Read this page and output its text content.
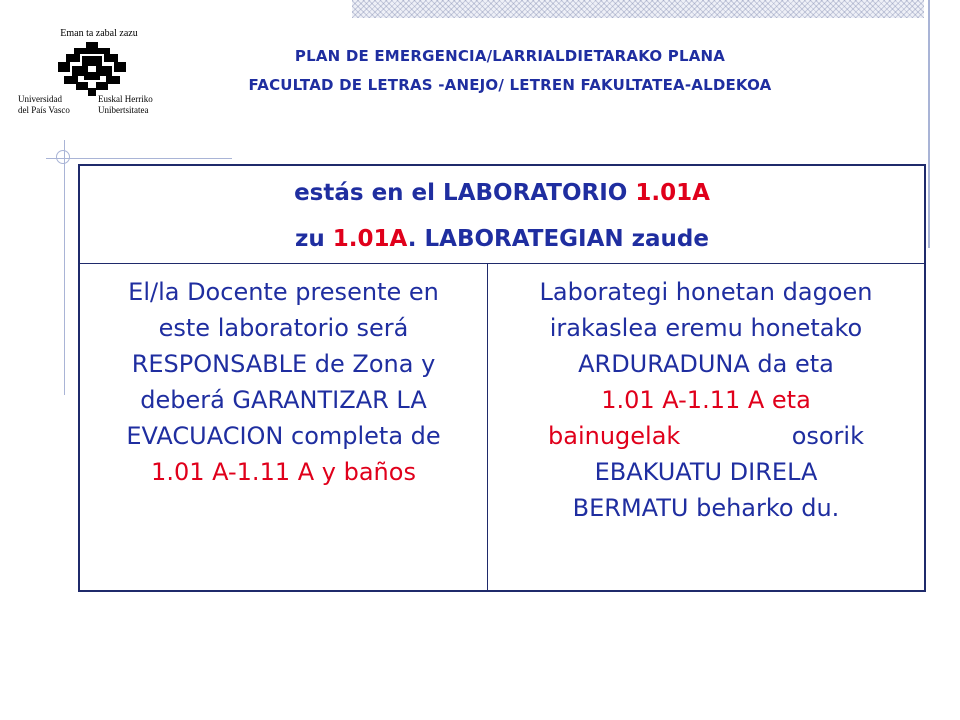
Eman ta zabal zazu
Universidad
del País Vasco
Euskal Herriko
Unibertsitatea
PLAN DE EMERGENCIA/LARRIALDIETARAKO PLANA
FACULTAD DE LETRAS -ANEJO/ LETREN FAKULTATEA-ALDEKOA
estás en el LABORATORIO 1.01A
zu 1.01A. LABORATEGIAN zaude
El/la Docente presente en
este laboratorio será
RESPONSABLE de Zona y
deberá GARANTIZAR LA
EVACUACION completa de
1.01 A-1.11 A y baños
Laborategi honetan dagoen
irakaslea eremu honetako
ARDURADUNA da eta
1.01 A-1.11 A eta
bainugelak	osorik
EBAKUATU DIRELA
BERMATU beharko du.
